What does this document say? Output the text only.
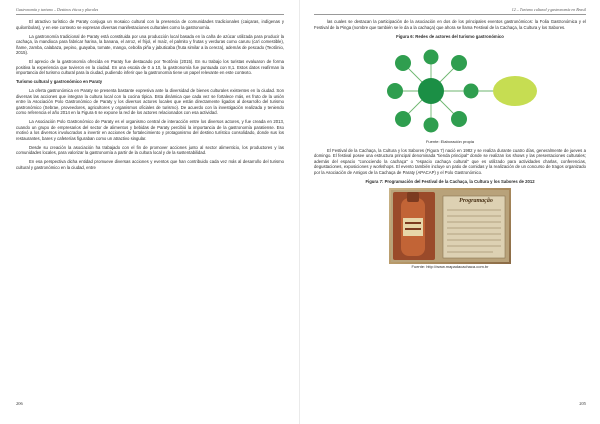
Gastronomía y turismo – Destinos éticos y plurales

El atractivo turístico de Paraty conjuga un mosaico cultural con la presencia de comunidades tradicionales (caiçaras, indígenas y quilombolas), y en ese contexto se expresan diversas manifestaciones culturales como la gastronomía.

La gastronomía tradicional de Paraty está constituida por una producción local basada en la caña de azúcar utilizada para producir la cachaça, la mandioca para fabricar harina, la banana, el arroz, el frijol, el maíz, el palmito y frutas y verduras como caruru (ca'i comestible), ñame, zamba, calabaza, pepino, guayaba, tomate, mango, cebolla piña y jabuticaba (fruta similar a la cereza), además de pescado (Teotônio, 2015).

El aprecio de la gastronomía ofrecida en Paraty fue destacado por Teotônio (2015). En su trabajo los turistas evaluaron de forma positiva la experiencia que tuvieron en la ciudad. En una escala de 0 a 10, la gastronomía fue puntuada con 8,1. Estos datos reafirman la importancia del turismo cultural para la ciudad, pudiendo inferir que la gastronomía tiene un papel relevante en este contexto.

Turismo cultural y gastronómico en Paraty

La oferta gastronómica en Paraty se presenta bastante expresiva ante la diversidad de bienes culturales existentes en la ciudad. Son diversas las acciones que integran la cultura local con la cocina típica. Esta dinámica que cada vez se fortalece más, es fruto de la unión entre la Asociación Polo Gastronómico de Paraty y los diversos actores locales que están directamente ligados al desarrollo del turismo gastronómico (Sebrae, proveedores, agricultores y organismos oficiales de turismo). De acuerdo con la investigación realizada y teniendo como referencia el año 2014 en la Figura 6 se expone la red de los actores relacionados con esa actividad.

La Asociación Polo Gastronómico de Paraty es el organismo central de interacción entre los diversos actores, y fue creada en 2013, cuando un grupo de empresarios del sector de alimentos y bebidas de Paraty percibió la importancia de la gastronomía paratiense. Eso motivó a los diversos involucrados a invertir en acciones de fortalecimiento y protagonismo del destino turístico consolidado, donde sus los restaurantes, bares y cafeterías figuraban como un atractivo singular.

Desde su creación la asociación ha trabajado con el fin de promover acciones junto al sector alimenticio, los productores y las comunidades locales, para valorizar la gastronomía a partir de la cultura local y de la sustentabilidad.

En esa perspectiva dicha entidad promueve diversas acciones y eventos que han contribuido cada vez más al desarrollo del turismo cultural y gastronómico en la ciudad, entre

206
12 – Turismo cultural y gastronomía en Brasil

las cuales se destacan la participación de la asociación en dos de los principales eventos gastronómicos: la Folia Gastronómica y el Festival de la Pinga (nombre que también se le da a la cachaça) que ahora se llama Festival de la Cachaça, la Cultura y los Sabores.

Figura 6: Redes de actores del turismo gastronómico

Fuente: Elaboración propia

El Festival de la Cachaça, la Cultura y los Sabores (Figura 7) nació en 1982 y se realiza durante cuatro días, generalmente de jueves a domingo. El festival posee una estructura principal denominada "tienda principal" donde se realizan los shows y las presentaciones culturales; además del espacio "conociendo la cachaça" o "espacio cachaça cultural" que es utilizado para actividades charlas, conferencias, degustaciones, exposiciones y workshops. El evento también incluye un patio de comidas y la realización de un concurso de tragos organizado por la Asociación de Amigos de la Cachaça de Paraty (APACAP) y el Polo Gastronómico.

Figura 7: Programación del Festival de la Cachaça, la Cultura y los Sabores de 2012

Programação

Fuente: http://www.mapadacachaca.com.br

205
